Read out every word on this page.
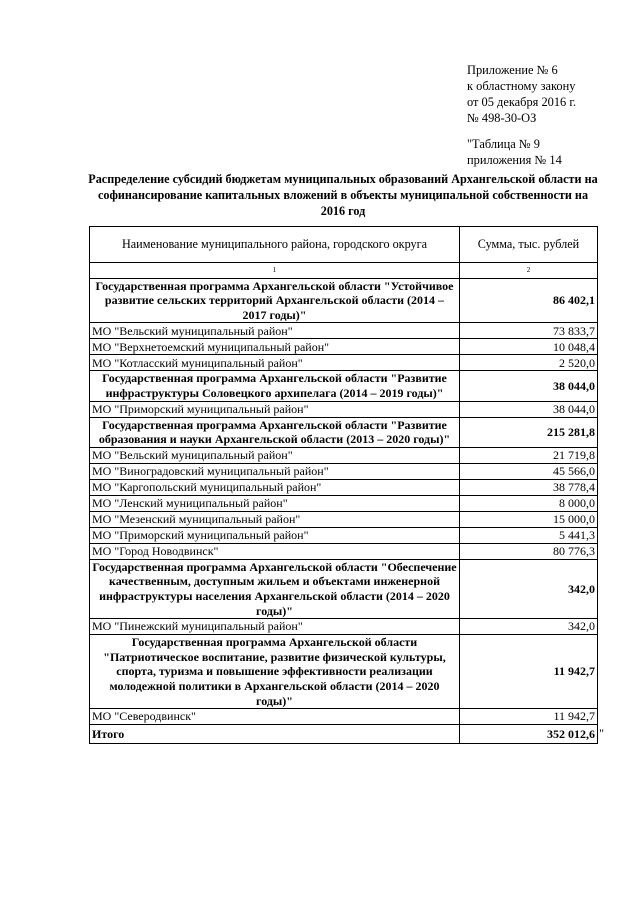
Приложение № 6
к областному закону
от 05 декабря 2016 г.
№ 498-30-ОЗ
"Таблица № 9
приложения № 14
Распределение субсидий бюджетам муниципальных образований Архангельской области на софинансирование капитальных вложений в объекты муниципальной собственности на 2016 год
Наименование муниципального района, городского округа	Сумма, тыс. рублей
1	2
Государственная программа Архангельской области "Устойчивое развитие сельских территорий Архангельской области (2014 – 2017 годы)"	86 402,1
МО "Вельский муниципальный район"	73 833,7
МО "Верхнетоемский муниципальный район"	10 048,4
МО "Котласский муниципальный район"	2 520,0
Государственная программа Архангельской области "Развитие инфраструктуры Соловецкого архипелага (2014 – 2019 годы)"	38 044,0
МО "Приморский муниципальный район"	38 044,0
Государственная программа Архангельской области "Развитие образования и науки Архангельской области (2013 – 2020 годы)"	215 281,8
МО "Вельский муниципальный район"	21 719,8
МО "Виноградовский муниципальный район"	45 566,0
МО "Каргопольский муниципальный район"	38 778,4
МО "Ленский муниципальный район"	8 000,0
МО "Мезенский муниципальный район"	15 000,0
МО "Приморский муниципальный район"	5 441,3
МО "Город Новодвинск"	80 776,3
Государственная программа Архангельской области "Обеспечение качественным, доступным жильем и объектами инженерной инфраструктуры населения Архангельской области (2014 – 2020 годы)"	342,0
МО "Пинежский муниципальный район"	342,0
Государственная программа Архангельской области "Патриотическое воспитание, развитие физической культуры, спорта, туризма и повышение эффективности реализации молодежной политики в Архангельской области (2014 – 2020 годы)"	11 942,7
МО "Северодвинск"	11 942,7
Итого	352 012,6 "
